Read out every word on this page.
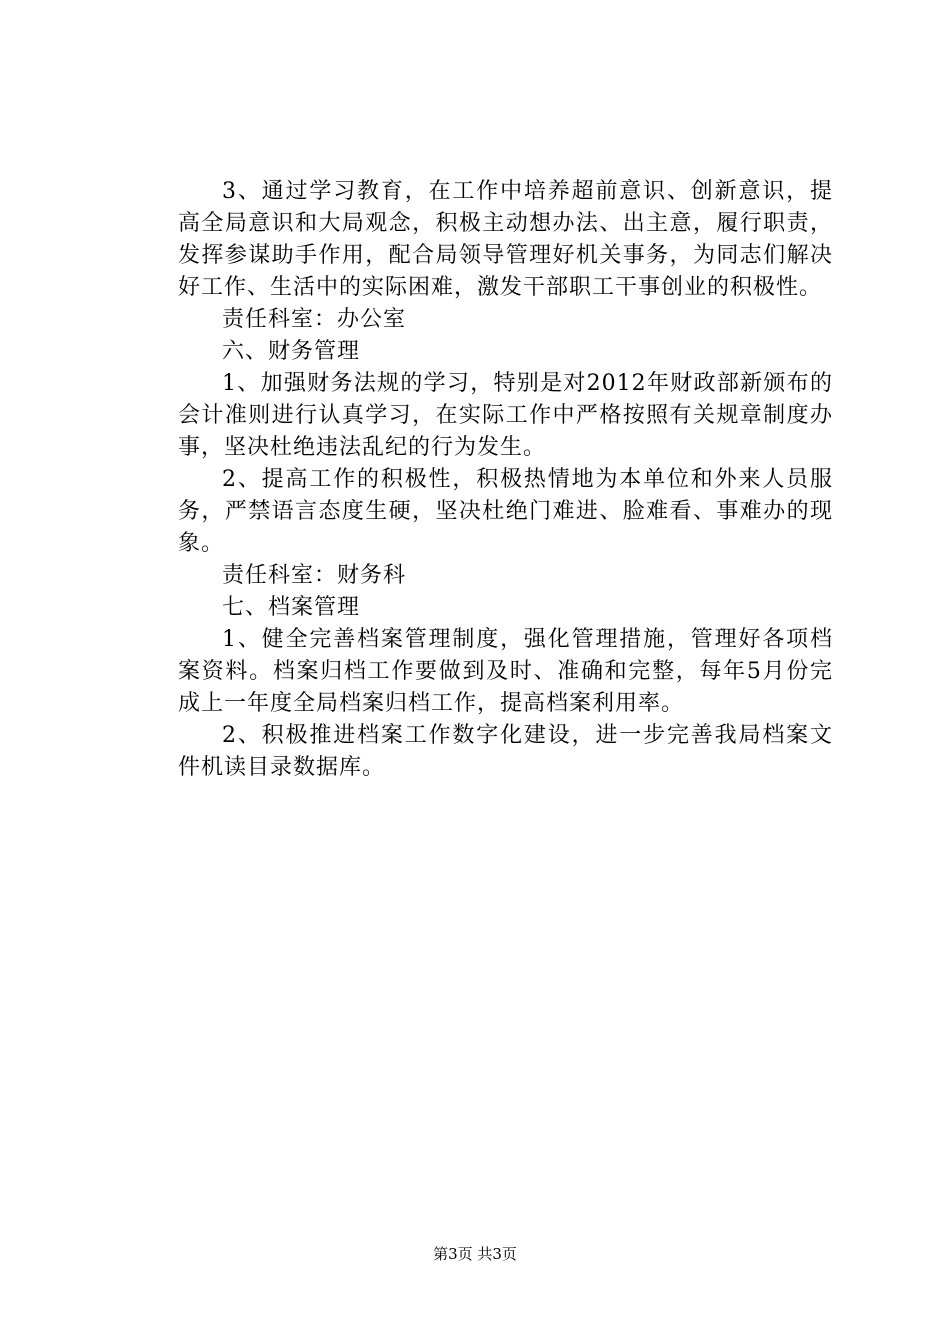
3、通过学习教育，在工作中培养超前意识、创新意识，提高全局意识和大局观念，积极主动想办法、出主意，履行职责，发挥参谋助手作用，配合局领导管理好机关事务，为同志们解决好工作、生活中的实际困难，激发干部职工干事创业的积极性。

责任科室：办公室

六、财务管理

1、加强财务法规的学习，特别是对2012年财政部新颁布的会计准则进行认真学习，在实际工作中严格按照有关规章制度办事，坚决杜绝违法乱纪的行为发生。

2、提高工作的积极性，积极热情地为本单位和外来人员服务，严禁语言态度生硬，坚决杜绝门难进、脸难看、事难办的现象。

责任科室：财务科

七、档案管理

1、健全完善档案管理制度，强化管理措施，管理好各项档案资料。档案归档工作要做到及时、准确和完整，每年5月份完成上一年度全局档案归档工作，提高档案利用率。

2、积极推进档案工作数字化建设，进一步完善我局档案文件机读目录数据库。

第3页 共3页
